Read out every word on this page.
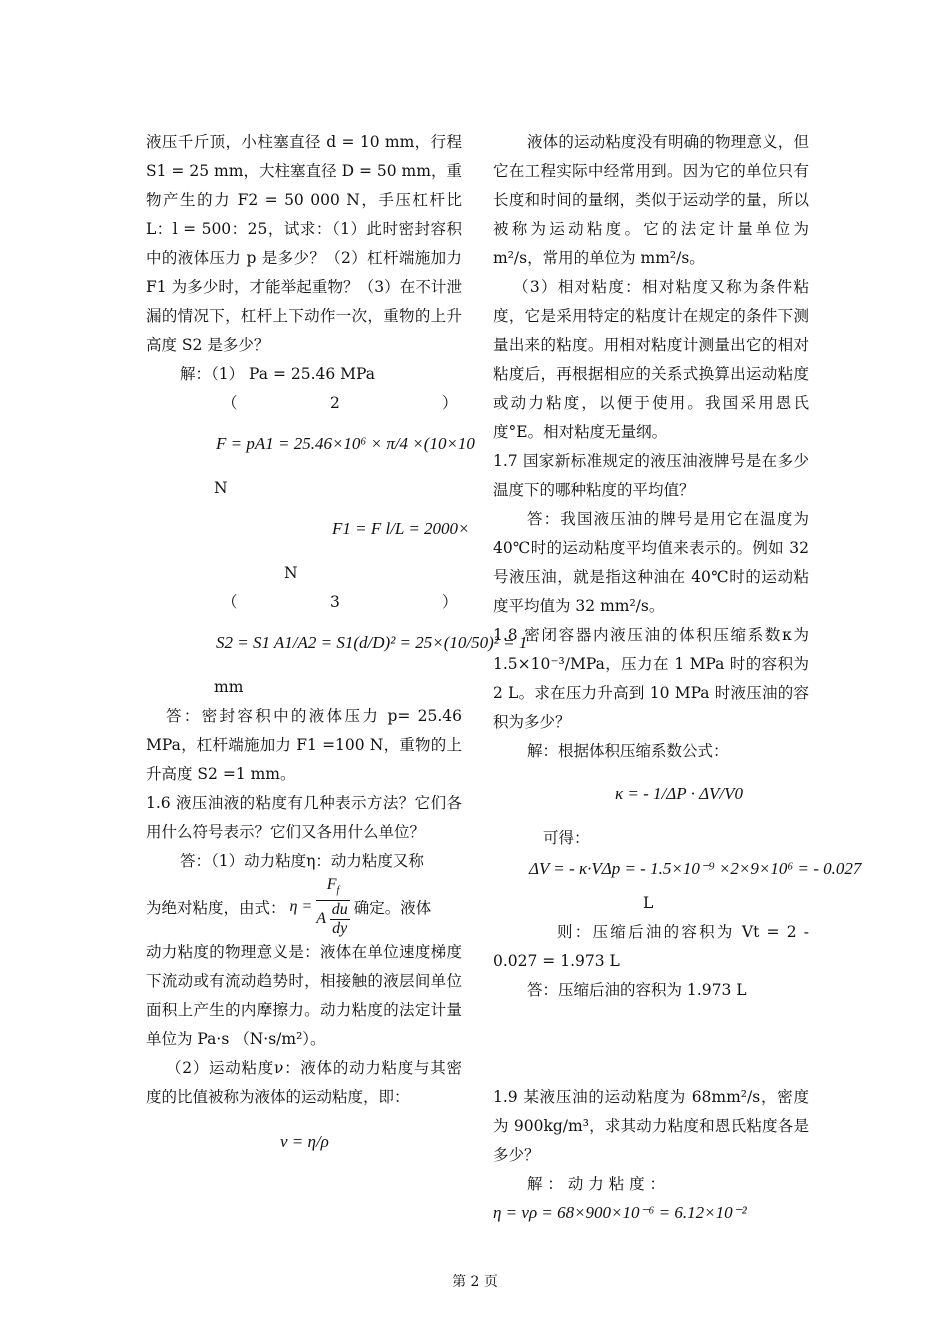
液压千斤顶，小柱塞直径 d = 10 mm，行程 S1 = 25 mm，大柱塞直径 D = 50 mm，重物产生的力 F2 = 50 000 N，手压杠杆比 L：l = 500：25，试求：（1）此时密封容积中的液体压力 p 是多少？（2）杠杆端施加力 F1 为多少时，才能举起重物？（3）在不计泄漏的情况下，杠杆上下动作一次，重物的上升高度 S2 是多少？

解：（1） Pa = 25.46 MPa

（	2	）
F = pA1 = 25.46×10⁶ × π/4 ×(10×10

N

F1 = F l/L = 2000×

N

（	3	）
S2 = S1 A1/A2 = S1(d/D)² = 25×(10/50)² = 1

mm

答：密封容积中的液体压力 p= 25.46 MPa，杠杆端施加力 F1 =100 N，重物的上升高度 S2 =1 mm。

1.6 液压油液的粘度有几种表示方法？它们各用什么符号表示？它们又各用什么单位？

答：（1）动力粘度η：动力粘度又称

为绝对粘度，由式： $\eta = \frac{F_f}{A \frac{du}{dy}}$ 确定。液体

动力粘度的物理意义是：液体在单位速度梯度下流动或有流动趋势时，相接触的液层间单位面积上产生的内摩擦力。动力粘度的法定计量单位为 Pa·s （N·s/m²）。

（2）运动粘度ν：液体的动力粘度与其密度的比值被称为液体的运动粘度，即：

ν = η/ρ

液体的运动粘度没有明确的物理意义，但它在工程实际中经常用到。因为它的单位只有长度和时间的量纲，类似于运动学的量，所以被称为运动粘度。它的法定计量单位为 m²/s，常用的单位为 mm²/s。

（3）相对粘度：相对粘度又称为条件粘度，它是采用特定的粘度计在规定的条件下测量出来的粘度。用相对粘度计测量出它的相对粘度后，再根据相应的关系式换算出运动粘度或动力粘度，以便于使用。我国采用恩氏度°E。相对粘度无量纲。

1.7 国家新标准规定的液压油液牌号是在多少温度下的哪种粘度的平均值？

答：我国液压油的牌号是用它在温度为 40℃时的运动粘度平均值来表示的。例如 32 号液压油，就是指这种油在 40℃时的运动粘度平均值为 32 mm²/s。

1.8 密闭容器内液压油的体积压缩系数κ为 1.5×10⁻³/MPa，压力在 1 MPa 时的容积为 2 L。求在压力升高到 10 MPa 时液压油的容积为多少？

解：根据体积压缩系数公式：

κ = - 1/ΔP · ΔV/V0

可得：

ΔV = - κ·VΔp = - 1.5×10⁻⁹ ×2×9×10⁶ = - 0.027

L

则：压缩后油的容积为 Vt = 2 - 0.027 = 1.973 L

答：压缩后油的容积为 1.973 L

1.9 某液压油的运动粘度为 68mm²/s，密度为 900kg/m³，求其动力粘度和恩氏粘度各是多少？

解 ： 动 力 粘 度 ：

η = νρ = 68×900×10⁻⁶ = 6.12×10⁻²
第 2 页
